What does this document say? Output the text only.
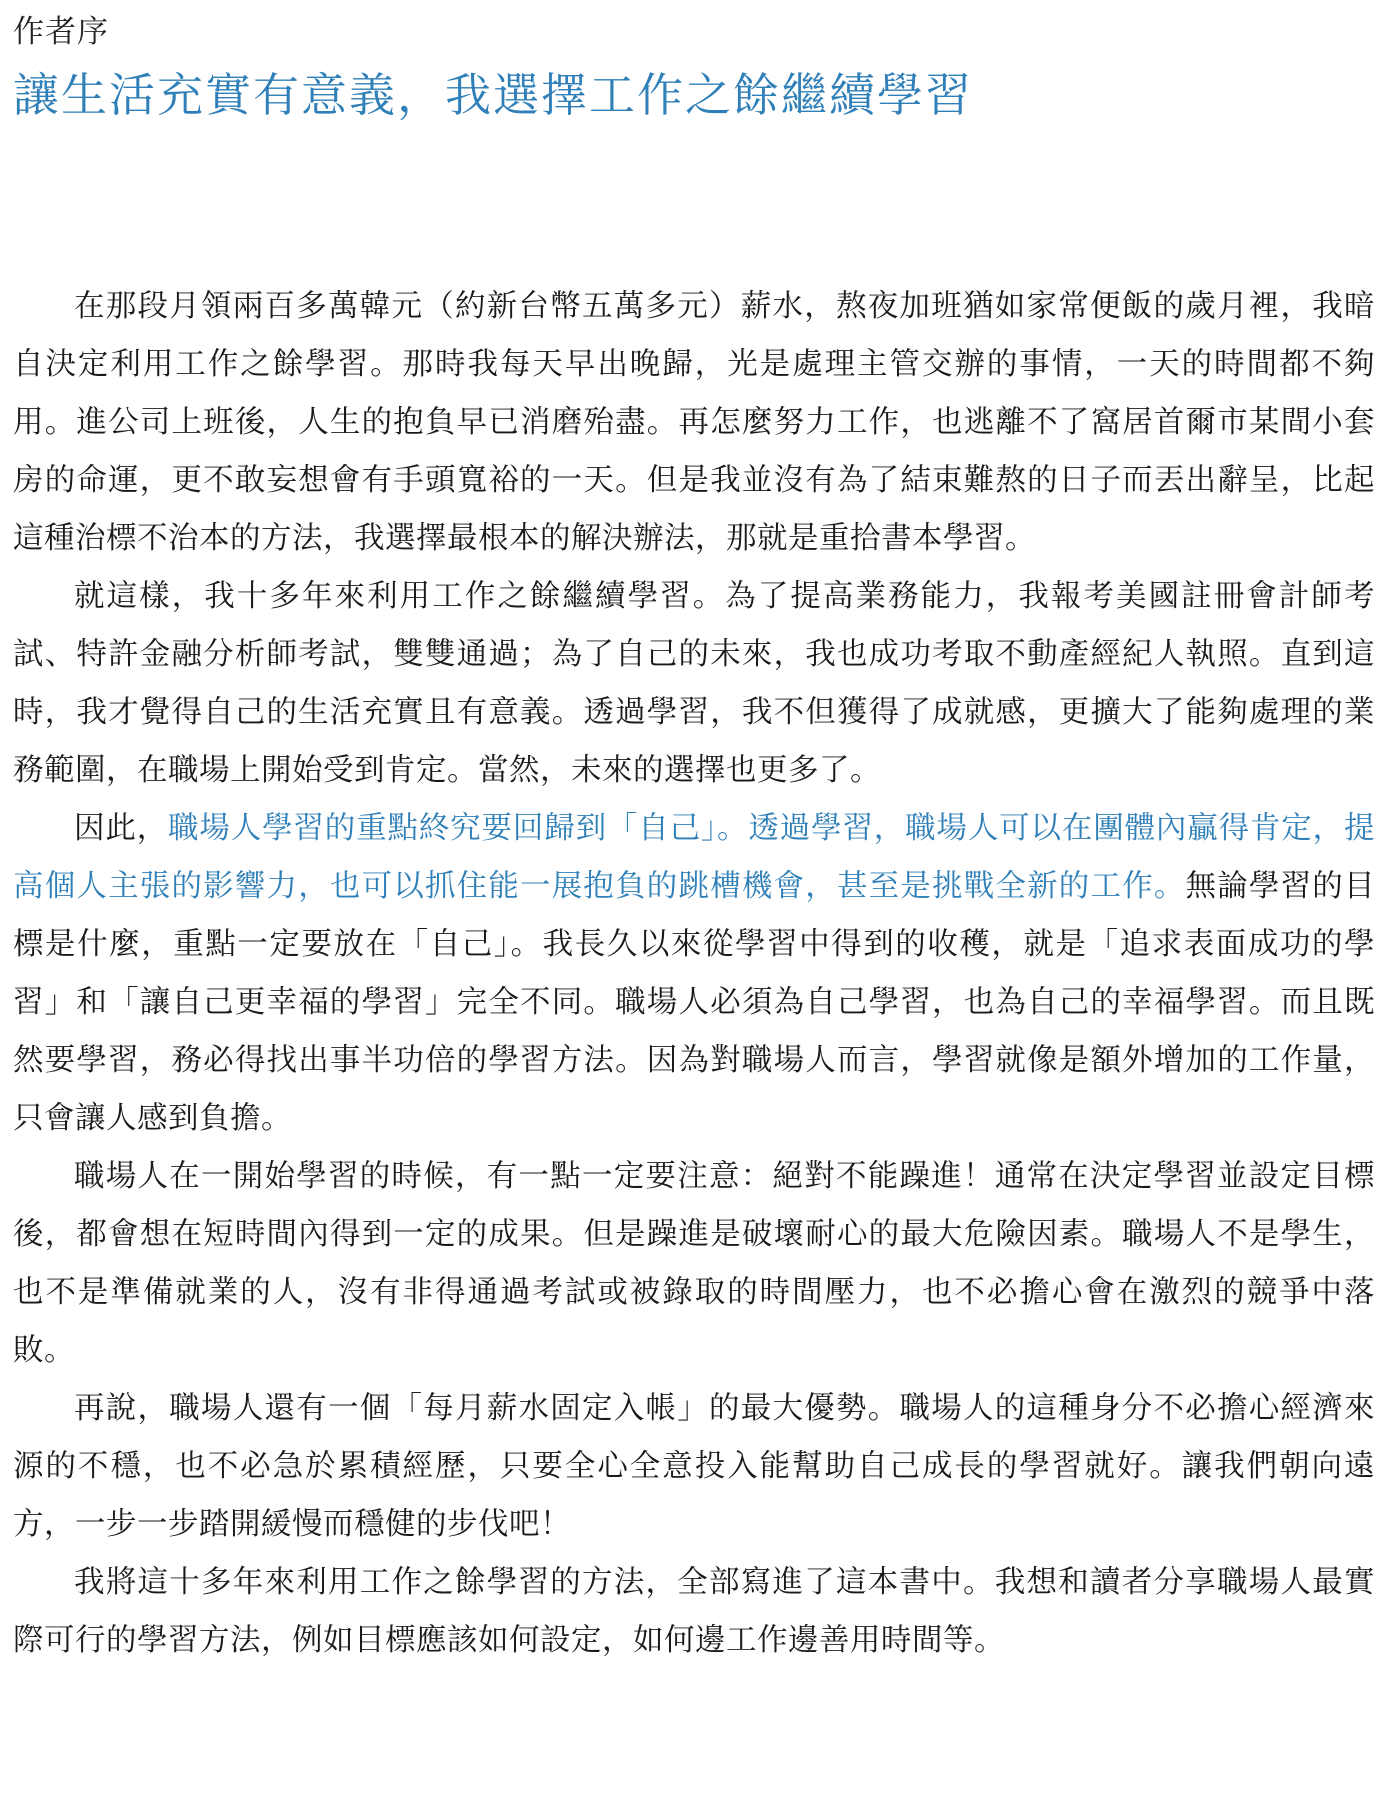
作者序
讓生活充實有意義，我選擇工作之餘繼續學習

在那段月領兩百多萬韓元（約新台幣五萬多元）薪水，熬夜加班猶如家常便飯的歲月裡，我暗自決定利用工作之餘學習。那時我每天早出晚歸，光是處理主管交辦的事情，一天的時間都不夠用。進公司上班後，人生的抱負早已消磨殆盡。再怎麼努力工作，也逃離不了窩居首爾市某間小套房的命運，更不敢妄想會有手頭寬裕的一天。但是我並沒有為了結束難熬的日子而丟出辭呈，比起這種治標不治本的方法，我選擇最根本的解決辦法，那就是重拾書本學習。

就這樣，我十多年來利用工作之餘繼續學習。為了提高業務能力，我報考美國註冊會計師考試、特許金融分析師考試，雙雙通過；為了自己的未來，我也成功考取不動產經紀人執照。直到這時，我才覺得自己的生活充實且有意義。透過學習，我不但獲得了成就感，更擴大了能夠處理的業務範圍，在職場上開始受到肯定。當然，未來的選擇也更多了。

因此，職場人學習的重點終究要回歸到「自己」。透過學習，職場人可以在團體內贏得肯定，提高個人主張的影響力，也可以抓住能一展抱負的跳槽機會，甚至是挑戰全新的工作。無論學習的目標是什麼，重點一定要放在「自己」。我長久以來從學習中得到的收穫，就是「追求表面成功的學習」和「讓自己更幸福的學習」完全不同。職場人必須為自己學習，也為自己的幸福學習。而且既然要學習，務必得找出事半功倍的學習方法。因為對職場人而言，學習就像是額外增加的工作量，只會讓人感到負擔。

職場人在一開始學習的時候，有一點一定要注意：絕對不能躁進！通常在決定學習並設定目標後，都會想在短時間內得到一定的成果。但是躁進是破壞耐心的最大危險因素。職場人不是學生，也不是準備就業的人，沒有非得通過考試或被錄取的時間壓力，也不必擔心會在激烈的競爭中落敗。

再說，職場人還有一個「每月薪水固定入帳」的最大優勢。職場人的這種身分不必擔心經濟來源的不穩，也不必急於累積經歷，只要全心全意投入能幫助自己成長的學習就好。讓我們朝向遠方，一步一步踏開緩慢而穩健的步伐吧！

我將這十多年來利用工作之餘學習的方法，全部寫進了這本書中。我想和讀者分享職場人最實際可行的學習方法，例如目標應該如何設定，如何邊工作邊善用時間等。
